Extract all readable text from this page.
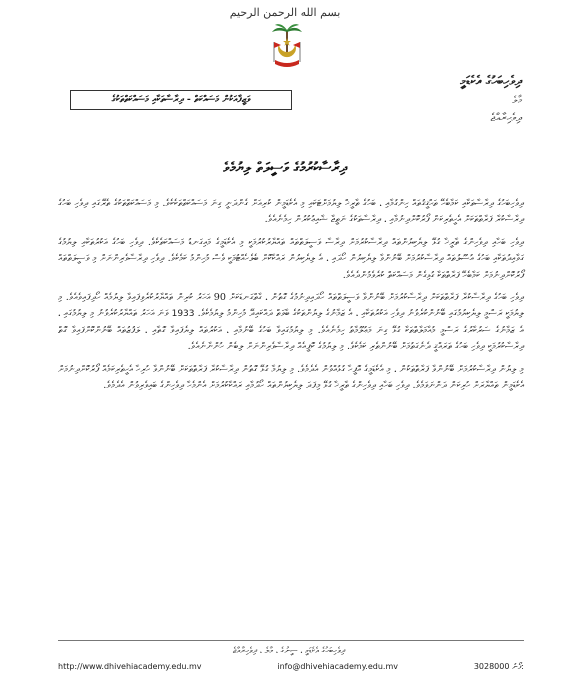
بسم الله الرحمن الرحيم
ދިވެހިބަހުގެ އެކެޑަމީ
މާލެ
ދިވެހިރާއްޖެ
ވަޒީފާއަކުން މަސައްކަތް - ދިރާސާތަކާއި މަސައްކަތްތަކުގެ
ދިރާސާކުރުމުގެ ވަސީލަތް ލިޔުމެވެ

ދިވެހިބަހުގެ ދިރާސާތަކާއި ކަމާބެހޭ ތަޙްޤީޤުތައް ހިންގުމާއި ، ބަހުގެ ތާރީޚް ލިޔުމަށްޓަކައި މި އެކެޑަމީން ކުރިއަށް ގެންދަނީ ގިނަ މަސައްކަތްތަކެކެވެ. މި މަސައްކަތްތަކުގެ ތެރޭގައި ދިވެހި ބަހުގެ ދިރާސާކުރާ ފަރާތްތަކަށް އެހީތެރިކަން ފޯރުކޮށްދިނުމާއި ، ދިރާސާތަކުގެ ނަތީޖާ ޝާއިޢުކުރުން ހިމެނެއެވެ.

ދިވެހި ބަހާއި ދިވެހިންގެ ތާރީޚާ ގުޅޭ ލިޔެކިޔުންތައް ދިރާސާކުރުމަށް ދިރާސާ ވަސީލަތްތައް ތައްޔާރުކުރުމަކީ މި އެކެޑަމީގެ މައިގަނޑު މަސައްކަތެކެވެ. ދިވެހި ބަހުގެ އަކުރުތަކާއި ލިޔުމުގެ ގަވާއިދުތަކާއި ބަހުގެ އުސޫލުތައް ދިރާސާކުރުމަށް ބޭނުންވާ ލިޔެކިޔުން ހޯދައި ، އެ ލިޔެކިޔުން ރައްކާކޮށް ބެލެހެއްޓުމަކީ ވެސް މުހިންމު ކަމެކެވެ. ދިވެހި ދިރާސާވެރިންނަށް މި ވަސީލަތްތައް ފޯރުކޮށްދިނުމަށް ކަމާބެހޭ ފަރާތްތަކާ ގުޅިގެން މަސައްކަތް ކުރެވެމުންދެއެވެ.

ދިވެހި ބަހުގެ ދިރާސާކުރާ ފަރާތްތަކަށް ދިރާސާކުރުމަށް ބޭނުންވާ ވަސީލަތްތައް ހޯދައިދިނުމުގެ ގޮތުން ، ގާތްގަނޑަކަށް 90 އަހަރު ކުރިން ތައްޔާރުކުރެވިފައިވާ ލިޔުމެއް ހޯދިފައިވެއެވެ. މި ލިޔުމަކީ ރަސްމީ ލިޔެކިޔުމުގައި ބޭނުންކުރެވުނު ދިވެހި އަކުރުތަކާއި ، އެ ޒަމާނުގެ ލިޔުންތަކުގެ ބާވަތް ދައްކައިދޭ މުހިންމު ލިޔުމެކެވެ. 1933 ވަނަ އަހަރު ތައްޔާރުކުރެވުނު މި ލިޔުމުގައި ، އެ ޒަމާނުގެ ސަރުކާރުގެ ރަސްމީ މުއާމަލާތްތަކާ ގުޅޭ ގިނަ މަޢުލޫމާތު ހިމެނެއެވެ. މި ލިޔުމުގައިވާ ބަހުގެ ބޭނުމާއި ، އަކުރުތައް ލިޔެފައިވާ ގޮތާއި ، ލަފުޒުތައް ބޭނުންކޮށްފައިވާ ގޮތް ދިރާސާކުރުމަކީ ދިވެހި ބަހުގެ ތަރައްޤީ ދެނެގަތުމަށް ބޭނުންތެރި ކަމެކެވެ. މި ލިޔުމުގެ ކޮޕީއެއް ދިރާސާވެރިންނަށް ލިބެން ހުންނާނެއެވެ.

މި ލިޔުން ދިރާސާކުރުމަށް ބޭނުންވާ ފަރާތްތަކުން ، މި އެކެޑަމީގެ އޮފީހާ ގުޅުއްވުން އެދެމެވެ. މި ލިޔުމާ ގުޅޭ ގޮތުން ދިރާސާކުރާ ފަރާތްތަކަށް ބޭނުންވާ ހުރިހާ އެހީތެރިކަމެއް ފޯރުކޮށްދިނުމަށް އެކެޑަމީން ތައްޔާރަށް ހުރިކަން ދަންނަވަމެވެ. ދިވެހި ބަހާއި ދިވެހިންގެ ތާރީޚާ ގުޅޭ މިފަދަ ލިޔެކިޔުންތައް ހޯދުމާއި ރައްކާކުރުމަށް އެންމެހާ ދިވެހިންގެ ބައިވެރިވުން އެދެމެވެ.

ދިވެހިބަހުގެ އެކެޑަމީ ، ސީނުގެ ، މާލެ ، ދިވެހިރާއްޖެ
http://www.dhivehiacademy.edu.mv	info@dhivehiacademy.edu.mv	3028000 ފޯނު:
